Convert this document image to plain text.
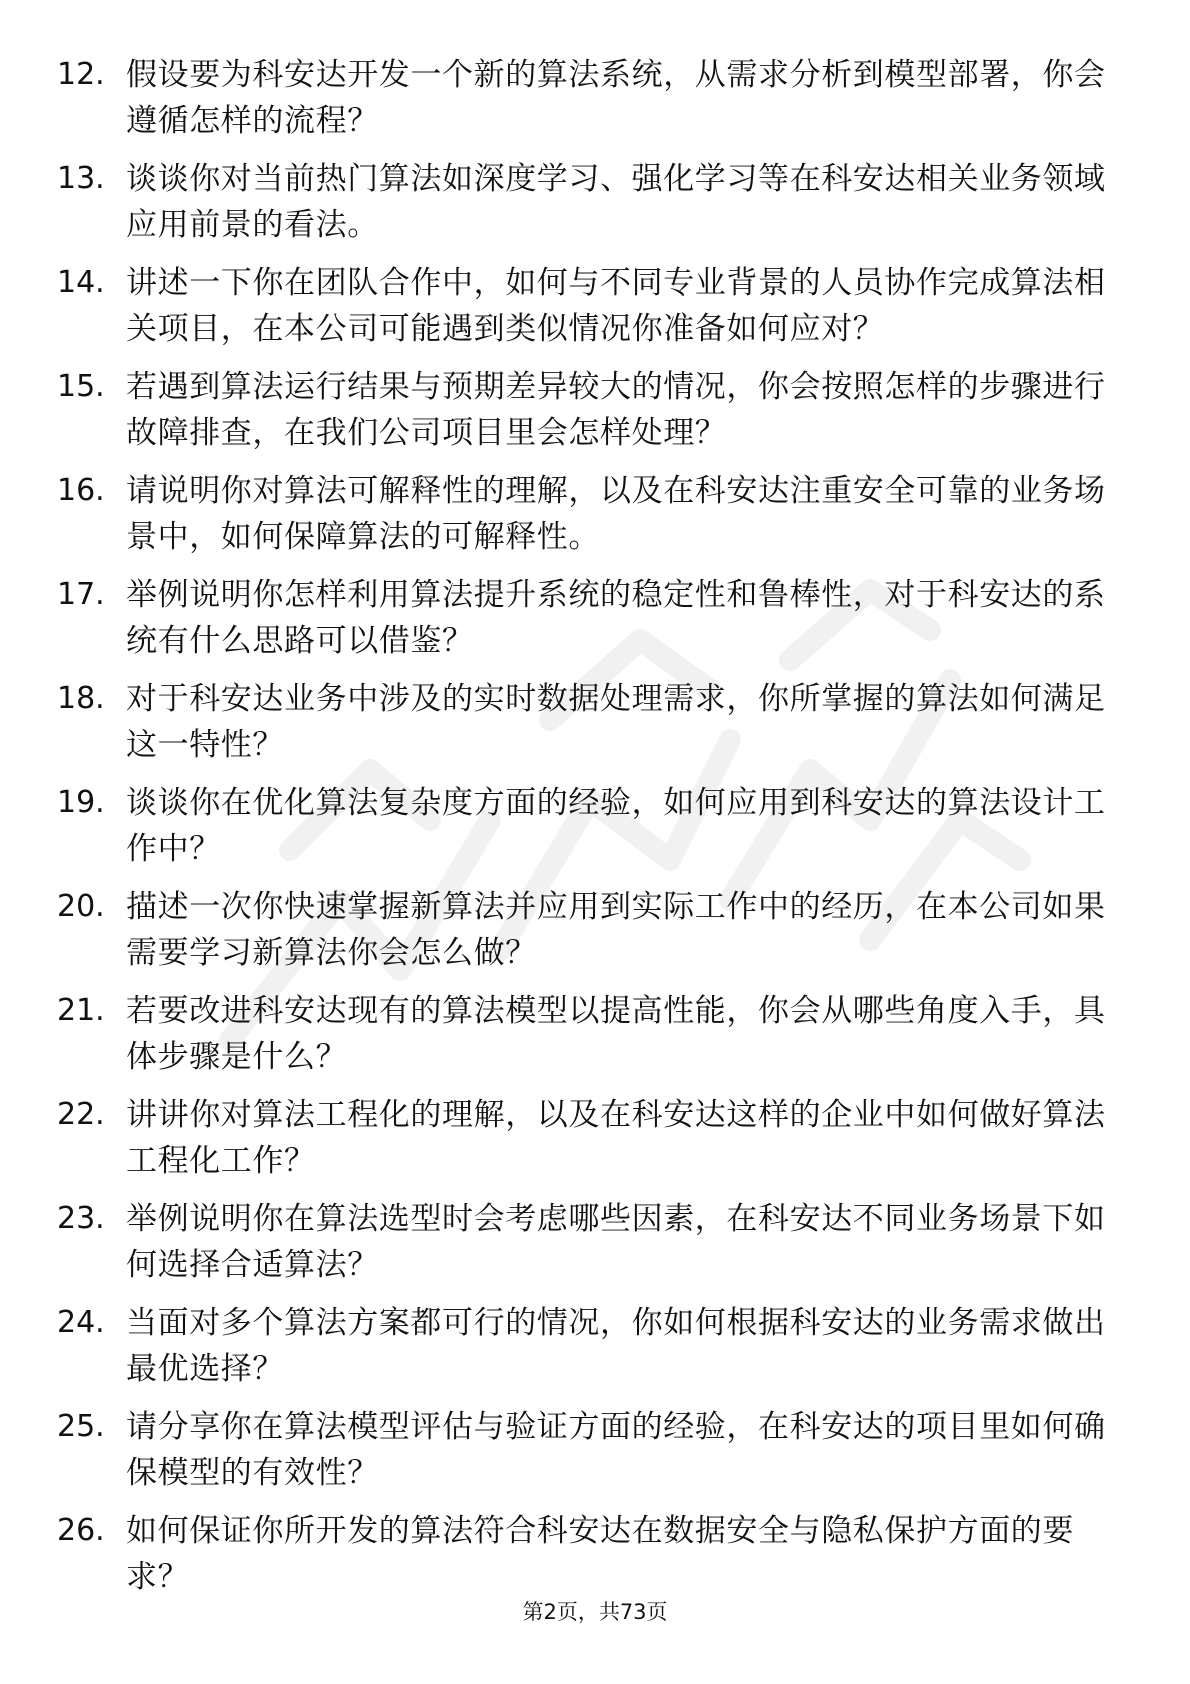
12. 假设要为科安达开发一个新的算法系统，从需求分析到模型部署，你会遵循怎样的流程？
13. 谈谈你对当前热门算法如深度学习、强化学习等在科安达相关业务领域应用前景的看法。
14. 讲述一下你在团队合作中，如何与不同专业背景的人员协作完成算法相关项目，在本公司可能遇到类似情况你准备如何应对？
15. 若遇到算法运行结果与预期差异较大的情况，你会按照怎样的步骤进行故障排查，在我们公司项目里会怎样处理？
16. 请说明你对算法可解释性的理解，以及在科安达注重安全可靠的业务场景中，如何保障算法的可解释性。
17. 举例说明你怎样利用算法提升系统的稳定性和鲁棒性，对于科安达的系统有什么思路可以借鉴？
18. 对于科安达业务中涉及的实时数据处理需求，你所掌握的算法如何满足这一特性？
19. 谈谈你在优化算法复杂度方面的经验，如何应用到科安达的算法设计工作中？
20. 描述一次你快速掌握新算法并应用到实际工作中的经历，在本公司如果需要学习新算法你会怎么做？
21. 若要改进科安达现有的算法模型以提高性能，你会从哪些角度入手，具体步骤是什么？
22. 讲讲你对算法工程化的理解，以及在科安达这样的企业中如何做好算法工程化工作？
23. 举例说明你在算法选型时会考虑哪些因素，在科安达不同业务场景下如何选择合适算法？
24. 当面对多个算法方案都可行的情况，你如何根据科安达的业务需求做出最优选择？
25. 请分享你在算法模型评估与验证方面的经验，在科安达的项目里如何确保模型的有效性？
26. 如何保证你所开发的算法符合科安达在数据安全与隐私保护方面的要求？
第2页，共73页
